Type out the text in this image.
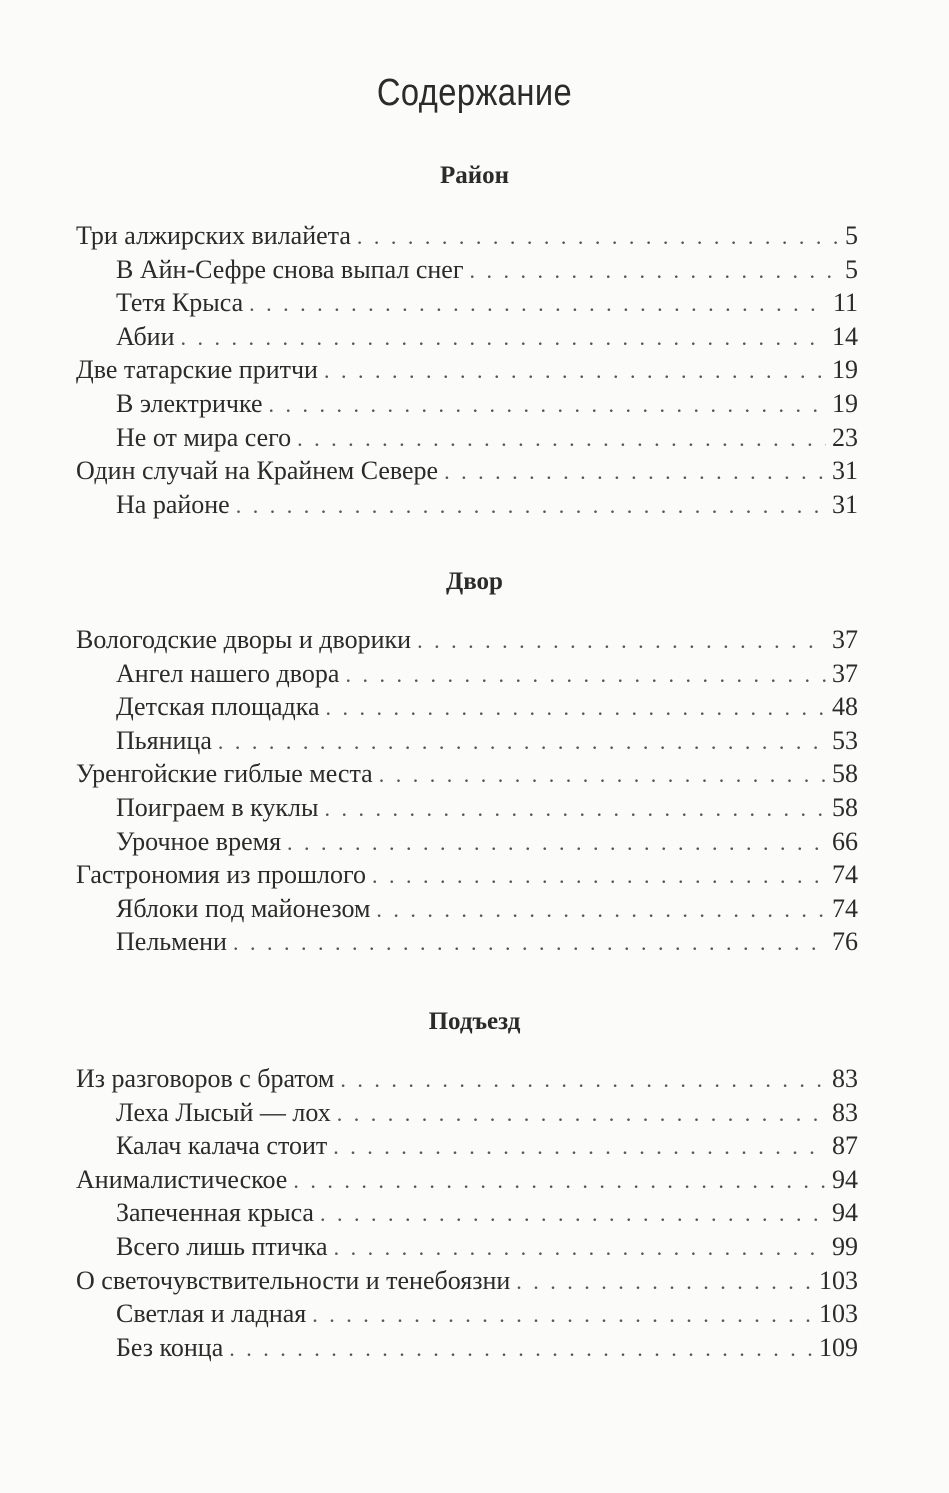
Содержание
Район
Три алжирских вилайета . . .	5
В Айн-Сефре снова выпал снег . . .	5
Тетя Крыса . . .	11
Абии . . .	14
Две татарские притчи . . .	19
В электричке . . .	19
Не от мира сего . . .	23
Один случай на Крайнем Севере . . .	31
На районе . . .	31
Двор
Вологодские дворы и дворики . . .	37
Ангел нашего двора . . .	37
Детская площадка . . .	48
Пьяница . . .	53
Уренгойские гиблые места . . .	58
Поиграем в куклы . . .	58
Урочное время . . .	66
Гастрономия из прошлого . . .	74
Яблоки под майонезом . . .	74
Пельмени . . .	76
Подъезд
Из разговоров с братом . . .	83
Леха Лысый — лох . . .	83
Калач калача стоит . . .	87
Анималистическое . . .	94
Запеченная крыса . . .	94
Всего лишь птичка . . .	99
О светочувствительности и тенебоязни . . .	103
Светлая и ладная . . .	103
Без конца . . .	109
